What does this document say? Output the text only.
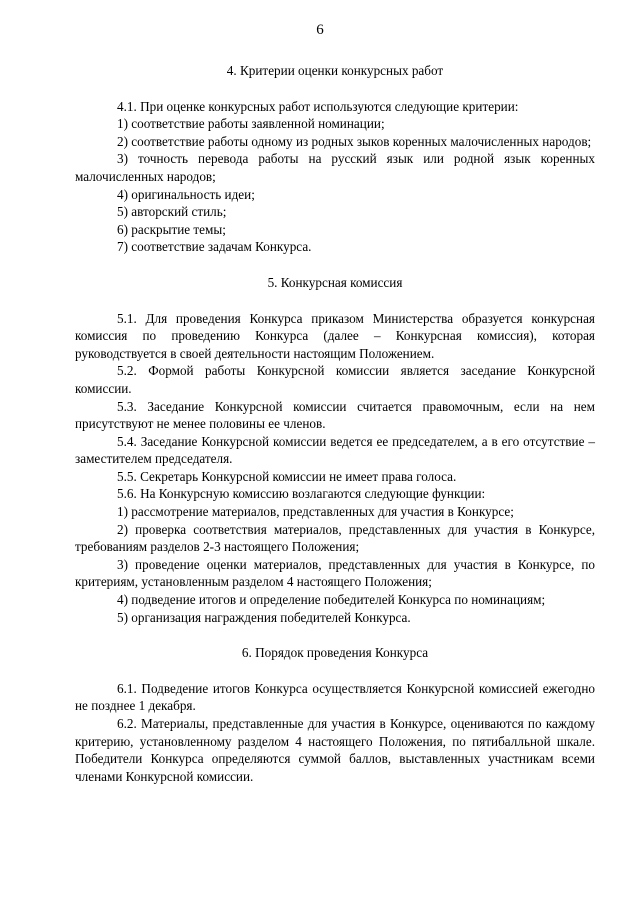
6
4. Критерии оценки конкурсных работ

4.1. При оценке конкурсных работ используются следующие критерии:

1) соответствие работы заявленной номинации;

2) соответствие работы одному из родных зыков коренных малочисленных народов;

3) точность перевода работы на русский язык или родной язык коренных малочисленных народов;

4) оригинальность идеи;

5) авторский стиль;

6) раскрытие темы;

7) соответствие задачам Конкурса.

5. Конкурсная комиссия

5.1. Для проведения Конкурса приказом Министерства образуется конкурсная комиссия по проведению Конкурса (далее – Конкурсная комиссия), которая руководствуется в своей деятельности настоящим Положением.

5.2. Формой работы Конкурсной комиссии является заседание Конкурсной комиссии.

5.3. Заседание Конкурсной комиссии считается правомочным, если на нем присутствуют не менее половины ее членов.

5.4. Заседание Конкурсной комиссии ведется ее председателем, а в его отсутствие – заместителем председателя.

5.5. Секретарь Конкурсной комиссии не имеет права голоса.

5.6. На Конкурсную комиссию возлагаются следующие функции:

1) рассмотрение материалов, представленных для участия в Конкурсе;

2) проверка соответствия материалов, представленных для участия в Конкурсе, требованиям разделов 2-3 настоящего Положения;

3) проведение оценки материалов, представленных для участия в Конкурсе, по критериям, установленным разделом 4 настоящего Положения;

4) подведение итогов и определение победителей Конкурса по номинациям;

5) организация награждения победителей Конкурса.

6. Порядок проведения Конкурса

6.1. Подведение итогов Конкурса осуществляется Конкурсной комиссией ежегодно не позднее 1 декабря.

6.2. Материалы, представленные для участия в Конкурсе, оцениваются по каждому критерию, установленному разделом 4 настоящего Положения, по пятибалльной шкале. Победители Конкурса определяются суммой баллов, выставленных участникам всеми членами Конкурсной комиссии.
